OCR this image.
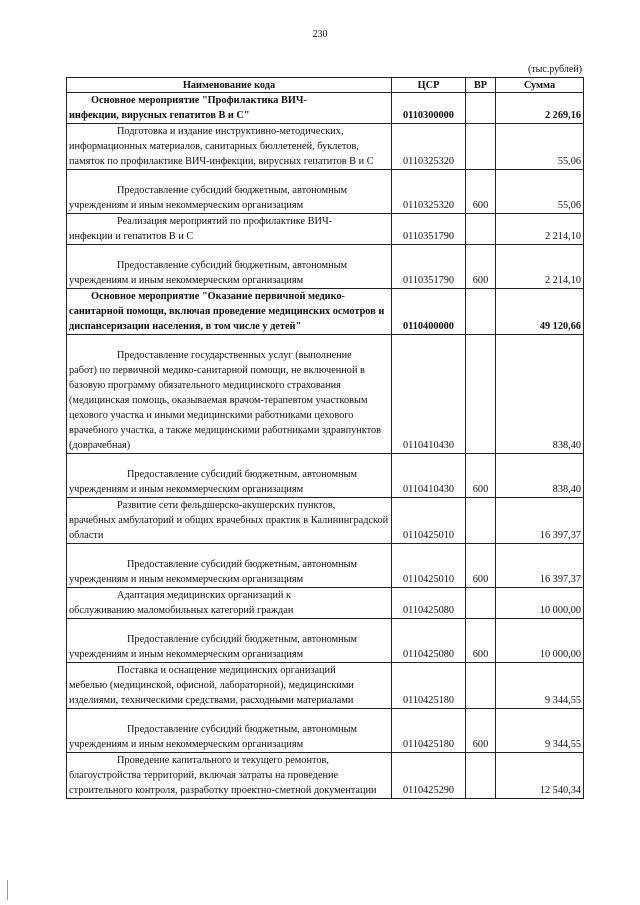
230
(тыс.рублей)
Наименование кода	ЦСР	ВР	Сумма

Основное мероприятие "Профилактика ВИЧ-
инфекции, вирусных гепатитов В и С"	0110300000		2 269,16

Подготовка и издание инструктивно-методических,
информационных материалов, санитарных бюллетеней, буклетов, памяток по профилактике ВИЧ-инфекции, вирусных гепатитов В и С	0110325320		55,06

Предоставление субсидий бюджетным, автономным
учреждениям и иным некоммерческим организациям	0110325320	600	55,06

Реализация мероприятий по профилактике ВИЧ-
инфекции и гепатитов В и С	0110351790		2 214,10

Предоставление субсидий бюджетным, автономным
учреждениям и иным некоммерческим организациям	0110351790	600	2 214,10

Основное мероприятие "Оказание первичной медико-
санитарной помощи, включая проведение медицинских осмотров и диспансеризации населения, в том числе у детей"	0110400000		49 120,66

Предоставление государственных услуг (выполнение
работ) по первичной медико-санитарной помощи, не включенной в базовую программу обязательного медицинского страхования (медицинская помощь, оказываемая врачом-терапевтом участковым цехового участка и иными медицинскими работниками цехового врачебного участка, а также медицинскими работниками здравпунктов (доврачебная)	0110410430		838,40

Предоставление субсидий бюджетным, автономным
учреждениям и иным некоммерческим организациям	0110410430	600	838,40

Развитие сети фельдшерско-акушерских пунктов,
врачебных амбулаторий и общих врачебных практик в Калининградской области	0110425010		16 397,37

Предоставление субсидий бюджетным, автономным
учреждениям и иным некоммерческим организациям	0110425010	600	16 397,37

Адаптация медицинских организаций к
обслуживанию маломобильных категорий граждан	0110425080		10 000,00

Предоставление субсидий бюджетным, автономным
учреждениям и иным некоммерческим организациям	0110425080	600	10 000,00

Поставка и оснащение медицинских организаций
мебелью (медицинской, офисной, лабораторной), медицинскими изделиями, техническими средствами, расходными материалами	0110425180		9 344,55

Предоставление субсидий бюджетным, автономным
учреждениям и иным некоммерческим организациям	0110425180	600	9 344,55

Проведение капитального и текущего ремонтов,
благоустройства территорий, включая затраты на проведение строительного контроля, разработку проектно-сметной документации	0110425290		12 540,34
